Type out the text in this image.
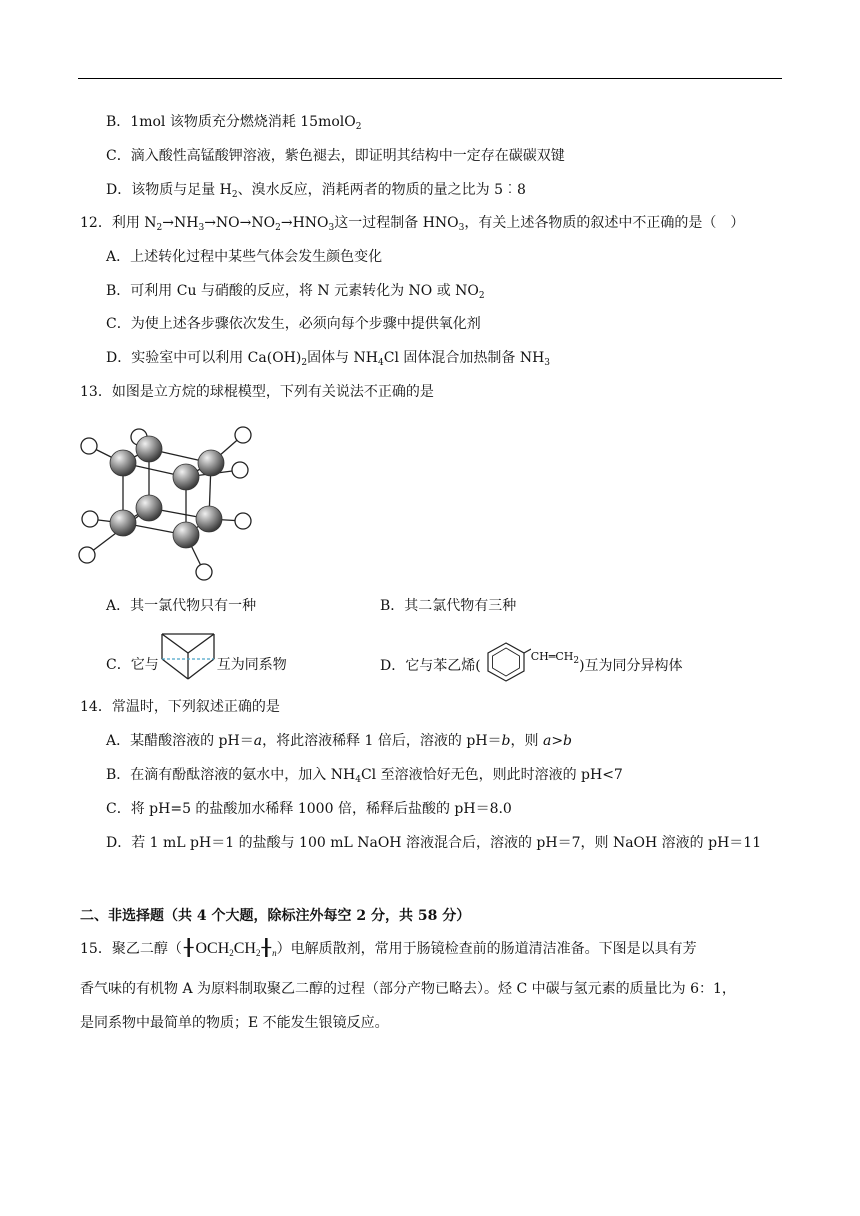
B．1mol 该物质充分燃烧消耗 15molO$_2$
C．滴入酸性高锰酸钾溶液，紫色褪去，即证明其结构中一定存在碳碳双键
D．该物质与足量 $H_2$、溴水反应，消耗两者的物质的量之比为 5︰8
12．利用 $N_2\to NH_3\to NO\to NO_2\to HNO_3$这一过程制备 $HNO_3$，有关上述各物质的叙述中不正确的是（　）
A．上述转化过程中某些气体会发生颜色变化
B．可利用 Cu 与硝酸的反应，将 N 元素转化为 NO 或 $NO_2$
C．为使上述各步骤依次发生，必须向每个步骤中提供氧化剂
D．实验室中可以利用 $Ca(OH)_2$固体与 $NH_4Cl$ 固体混合加热制备 $NH_3$
13．如图是立方烷的球棍模型，下列有关说法不正确的是
A．其一氯代物只有一种	B．其二氯代物有三种
C．它与	互为同系物	D．它与苯乙烯($^{CH═CH_2}$)互为同分异构体
14．常温时，下列叙述正确的是
A．某醋酸溶液的 pH＝a，将此溶液稀释 1 倍后，溶液的 pH＝b，则 a>b
B．在滴有酚酞溶液的氨水中，加入 $NH_4Cl$ 至溶液恰好无色，则此时溶液的 pH<7
C．将 pH=5 的盐酸加水稀释 1000 倍，稀释后盐酸的 pH＝8.0
D．若 1 mL pH＝1 的盐酸与 100 mL NaOH 溶液混合后，溶液的 pH＝7，则 NaOH 溶液的 pH＝11
二、非选择题（共 4 个大题，除标注外每空 2 分，共 58 分）
15．聚乙二醇（ ╂ $OCH_2CH_2╂_n$）电解质散剂，常用于肠镜检查前的肠道清洁准备。下图是以具有芳
香气味的有机物 A 为原料制取聚乙二醇的过程（部分产物已略去）。烃 C 中碳与氢元素的质量比为 6：1，
是同系物中最简单的物质；E 不能发生银镜反应。
